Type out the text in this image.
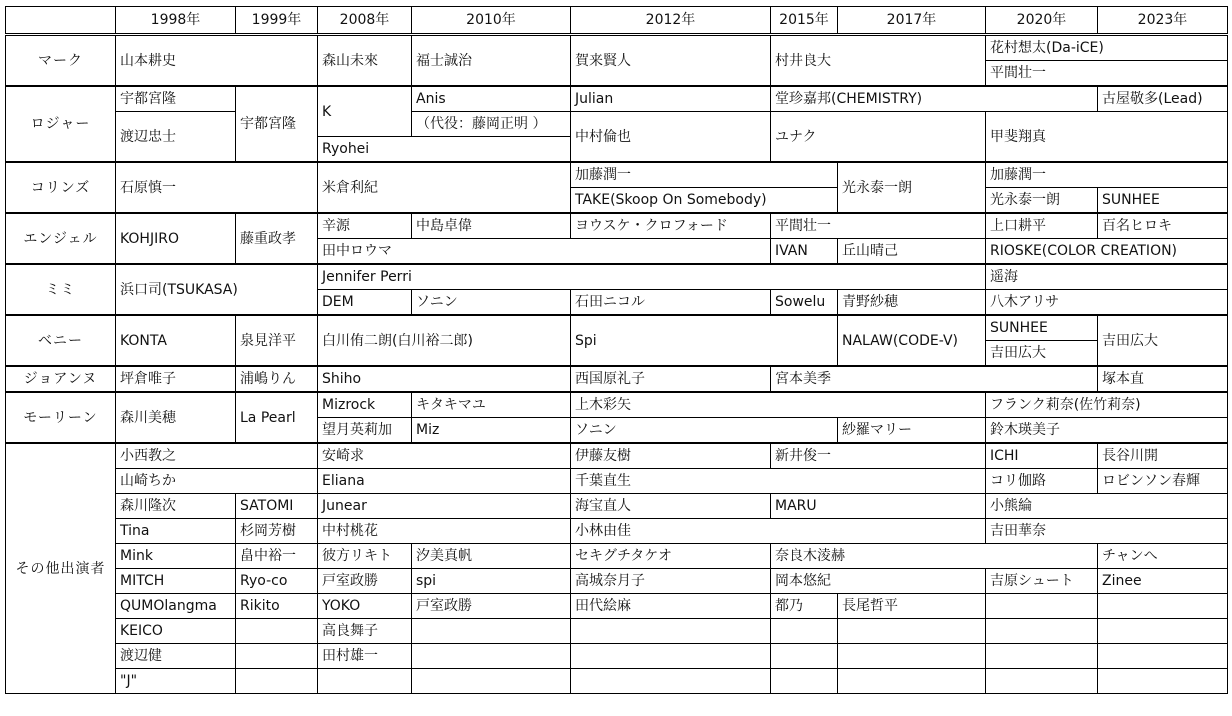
	1998年	1999年	2008年	2010年	2012年	2015年	2017年	2020年	2023年
マーク	山本耕史		森山未來	福士誠治	賀来賢人	村井良大		花村想太(Da-iCE)	
								平間壮一	
ロジャー	宇都宮隆	宇都宮隆	K	Anis	Julian	堂珍嘉邦(CHEMISTRY)			古屋敬多(Lead)
	渡辺忠士			（代役：藤岡正明 ）	中村倫也	ユナク		甲斐翔真	
			Ryohei						
コリンズ	石原慎一		米倉利紀		加藤潤一		光永泰一朗	加藤潤一	
					TAKE(Skoop On Somebody)			光永泰一朗	SUNHEE
エンジェル	KOHJIRO	藤重政孝	辛源	中島卓偉	ヨウスケ・クロフォード	平間壮一		上口耕平	百名ヒロキ
			田中ロウマ			IVAN	丘山晴己	RIOSKE(COLOR CREATION)	
ミミ	浜口司(TSUKASA)		Jennifer Perri					遥海	
			DEM	ソニン	石田ニコル	Sowelu	青野紗穂	八木アリサ	
ベニー	KONTA	泉見洋平	白川侑二朗(白川裕二郎)		Spi		NALAW(CODE-V)	SUNHEE	吉田広大
								吉田広大	
ジョアンヌ	坪倉唯子	浦嶋りん	Shiho		西国原礼子	宮本美季			塚本直
モーリーン	森川美穂	La Pearl	Mizrock	キタキマユ	上木彩矢			フランク莉奈(佐竹莉奈)	
			望月英莉加	Miz	ソニン		紗羅マリー	鈴木瑛美子	
その他出演者	小西教之		安崎求		伊藤友樹	新井俊一		ICHI	長谷川開
	山崎ちか		Eliana		千葉直生			コリ伽路	ロビンソン春輝
	森川隆次	SATOMI	Junear		海宝直人	MARU		小熊綸	
	Tina	杉岡芳樹	中村桃花		小林由佳			吉田華奈	
	Mink	畠中裕一	彼方リキト	汐美真帆	セキグチタケオ	奈良木淩赫			チャンへ
	MITCH	Ryo-co	戸室政勝	spi	高城奈月子	岡本悠紀		吉原シュート	Zinee
	QUMOlangma	Rikito	YOKO	戸室政勝	田代絵麻	都乃	長尾哲平		
	KEICO		高良舞子						
	渡辺健		田村雄一						
	"J"								
